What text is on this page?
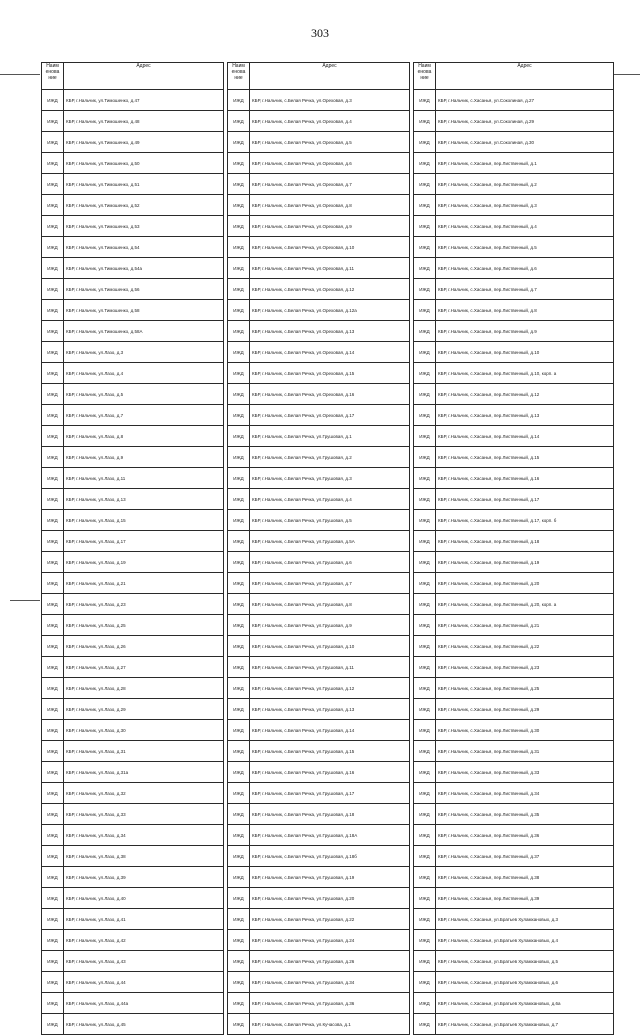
303
Наим енова ние	Адрес		Наим енова ние	Адрес		Наим енова ние	Адрес
ИЖД	КБР, г.Нальчик, ул.Тимошенко, д.47		ИЖД	КБР, г.Нальчик, с.Белая Речка, ул.Ореховая, д.3		ИЖД	КБР, г.Нальчик, с.Хасанья, ул.Соколиная, д.27
ИЖД	КБР, г.Нальчик, ул.Тимошенко, д.48		ИЖД	КБР, г.Нальчик, с.Белая Речка, ул.Ореховая, д.4		ИЖД	КБР, г.Нальчик, с.Хасанья, ул.Соколиная, д.29
ИЖД	КБР, г.Нальчик, ул.Тимошенко, д.49		ИЖД	КБР, г.Нальчик, с.Белая Речка, ул.Ореховая, д.5		ИЖД	КБР, г.Нальчик, с.Хасанья, ул.Соколиная, д.30
ИЖД	КБР, г.Нальчик, ул.Тимошенко, д.50		ИЖД	КБР, г.Нальчик, с.Белая Речка, ул.Ореховая, д.6		ИЖД	КБР, г.Нальчик, с.Хасанья, пер.Лиственный, д.1
ИЖД	КБР, г.Нальчик, ул.Тимошенко, д.51		ИЖД	КБР, г.Нальчик, с.Белая Речка, ул.Ореховая, д.7		ИЖД	КБР, г.Нальчик, с.Хасанья, пер.Лиственный, д.2
ИЖД	КБР, г.Нальчик, ул.Тимошенко, д.52		ИЖД	КБР, г.Нальчик, с.Белая Речка, ул.Ореховая, д.8		ИЖД	КБР, г.Нальчик, с.Хасанья, пер.Лиственный, д.3
ИЖД	КБР, г.Нальчик, ул.Тимошенко, д.53		ИЖД	КБР, г.Нальчик, с.Белая Речка, ул.Ореховая, д.9		ИЖД	КБР, г.Нальчик, с.Хасанья, пер.Лиственный, д.4
ИЖД	КБР, г.Нальчик, ул.Тимошенко, д.54		ИЖД	КБР, г.Нальчик, с.Белая Речка, ул.Ореховая, д.10		ИЖД	КБР, г.Нальчик, с.Хасанья, пер.Лиственный, д.5
ИЖД	КБР, г.Нальчик, ул.Тимошенко, д.54а		ИЖД	КБР, г.Нальчик, с.Белая Речка, ул.Ореховая, д.11		ИЖД	КБР, г.Нальчик, с.Хасанья, пер.Лиственный, д.6
ИЖД	КБР, г.Нальчик, ул.Тимошенко, д.56		ИЖД	КБР, г.Нальчик, с.Белая Речка, ул.Ореховая, д.12		ИЖД	КБР, г.Нальчик, с.Хасанья, пер.Лиственный, д.7
ИЖД	КБР, г.Нальчик, ул.Тимошенко, д.58		ИЖД	КБР, г.Нальчик, с.Белая Речка, ул.Ореховая, д.12а		ИЖД	КБР, г.Нальчик, с.Хасанья, пер.Лиственный, д.8
ИЖД	КБР, г.Нальчик, ул.Тимошенко, д.58А		ИЖД	КБР, г.Нальчик, с.Белая Речка, ул.Ореховая, д.13		ИЖД	КБР, г.Нальчик, с.Хасанья, пер.Лиственный, д.9
ИЖД	КБР, г.Нальчик, ул.Лазо, д.3		ИЖД	КБР, г.Нальчик, с.Белая Речка, ул.Ореховая, д.14		ИЖД	КБР, г.Нальчик, с.Хасанья, пер.Лиственный, д.10
ИЖД	КБР, г.Нальчик, ул.Лазо, д.4		ИЖД	КБР, г.Нальчик, с.Белая Речка, ул.Ореховая, д.15		ИЖД	КБР, г.Нальчик, с.Хасанья, пер.Лиственный, д.10, корп. а
ИЖД	КБР, г.Нальчик, ул.Лазо, д.5		ИЖД	КБР, г.Нальчик, с.Белая Речка, ул.Ореховая, д.16		ИЖД	КБР, г.Нальчик, с.Хасанья, пер.Лиственный, д.12
ИЖД	КБР, г.Нальчик, ул.Лазо, д.7		ИЖД	КБР, г.Нальчик, с.Белая Речка, ул.Ореховая, д.17		ИЖД	КБР, г.Нальчик, с.Хасанья, пер.Лиственный, д.13
ИЖД	КБР, г.Нальчик, ул.Лазо, д.8		ИЖД	КБР, г.Нальчик, с.Белая Речка, ул.Грушовая, д.1		ИЖД	КБР, г.Нальчик, с.Хасанья, пер.Лиственный, д.14
ИЖД	КБР, г.Нальчик, ул.Лазо, д.9		ИЖД	КБР, г.Нальчик, с.Белая Речка, ул.Грушовая, д.2		ИЖД	КБР, г.Нальчик, с.Хасанья, пер.Лиственный, д.15
ИЖД	КБР, г.Нальчик, ул.Лазо, д.11		ИЖД	КБР, г.Нальчик, с.Белая Речка, ул.Грушовая, д.3		ИЖД	КБР, г.Нальчик, с.Хасанья, пер.Лиственный, д.16
ИЖД	КБР, г.Нальчик, ул.Лазо, д.13		ИЖД	КБР, г.Нальчик, с.Белая Речка, ул.Грушовая, д.4		ИЖД	КБР, г.Нальчик, с.Хасанья, пер.Лиственный, д.17
ИЖД	КБР, г.Нальчик, ул.Лазо, д.15		ИЖД	КБР, г.Нальчик, с.Белая Речка, ул.Грушовая, д.5		ИЖД	КБР, г.Нальчик, с.Хасанья, пер.Лиственный, д.17, корп. б
ИЖД	КБР, г.Нальчик, ул.Лазо, д.17		ИЖД	КБР, г.Нальчик, с.Белая Речка, ул.Грушовая, д.5А		ИЖД	КБР, г.Нальчик, с.Хасанья, пер.Лиственный, д.18
ИЖД	КБР, г.Нальчик, ул.Лазо, д.19		ИЖД	КБР, г.Нальчик, с.Белая Речка, ул.Грушовая, д.6		ИЖД	КБР, г.Нальчик, с.Хасанья, пер.Лиственный, д.19
ИЖД	КБР, г.Нальчик, ул.Лазо, д.21		ИЖД	КБР, г.Нальчик, с.Белая Речка, ул.Грушовая, д.7		ИЖД	КБР, г.Нальчик, с.Хасанья, пер.Лиственный, д.20
ИЖД	КБР, г.Нальчик, ул.Лазо, д.23		ИЖД	КБР, г.Нальчик, с.Белая Речка, ул.Грушовая, д.8		ИЖД	КБР, г.Нальчик, с.Хасанья, пер.Лиственный, д.20, корп. а
ИЖД	КБР, г.Нальчик, ул.Лазо, д.25		ИЖД	КБР, г.Нальчик, с.Белая Речка, ул.Грушовая, д.9		ИЖД	КБР, г.Нальчик, с.Хасанья, пер.Лиственный, д.21
ИЖД	КБР, г.Нальчик, ул.Лазо, д.26		ИЖД	КБР, г.Нальчик, с.Белая Речка, ул.Грушовая, д.10		ИЖД	КБР, г.Нальчик, с.Хасанья, пер.Лиственный, д.22
ИЖД	КБР, г.Нальчик, ул.Лазо, д.27		ИЖД	КБР, г.Нальчик, с.Белая Речка, ул.Грушовая, д.11		ИЖД	КБР, г.Нальчик, с.Хасанья, пер.Лиственный, д.23
ИЖД	КБР, г.Нальчик, ул.Лазо, д.28		ИЖД	КБР, г.Нальчик, с.Белая Речка, ул.Грушовая, д.12		ИЖД	КБР, г.Нальчик, с.Хасанья, пер.Лиственный, д.25
ИЖД	КБР, г.Нальчик, ул.Лазо, д.29		ИЖД	КБР, г.Нальчик, с.Белая Речка, ул.Грушовая, д.13		ИЖД	КБР, г.Нальчик, с.Хасанья, пер.Лиственный, д.29
ИЖД	КБР, г.Нальчик, ул.Лазо, д.30		ИЖД	КБР, г.Нальчик, с.Белая Речка, ул.Грушовая, д.14		ИЖД	КБР, г.Нальчик, с.Хасанья, пер.Лиственный, д.30
ИЖД	КБР, г.Нальчик, ул.Лазо, д.31		ИЖД	КБР, г.Нальчик, с.Белая Речка, ул.Грушовая, д.15		ИЖД	КБР, г.Нальчик, с.Хасанья, пер.Лиственный, д.31
ИЖД	КБР, г.Нальчик, ул.Лазо, д.31а		ИЖД	КБР, г.Нальчик, с.Белая Речка, ул.Грушовая, д.16		ИЖД	КБР, г.Нальчик, с.Хасанья, пер.Лиственный, д.33
ИЖД	КБР, г.Нальчик, ул.Лазо, д.32		ИЖД	КБР, г.Нальчик, с.Белая Речка, ул.Грушовая, д.17		ИЖД	КБР, г.Нальчик, с.Хасанья, пер.Лиственный, д.34
ИЖД	КБР, г.Нальчик, ул.Лазо, д.33		ИЖД	КБР, г.Нальчик, с.Белая Речка, ул.Грушовая, д.18		ИЖД	КБР, г.Нальчик, с.Хасанья, пер.Лиственный, д.35
ИЖД	КБР, г.Нальчик, ул.Лазо, д.34		ИЖД	КБР, г.Нальчик, с.Белая Речка, ул.Грушовая, д.18А		ИЖД	КБР, г.Нальчик, с.Хасанья, пер.Лиственный, д.36
ИЖД	КБР, г.Нальчик, ул.Лазо, д.38		ИЖД	КБР, г.Нальчик, с.Белая Речка, ул.Грушовая, д.18б		ИЖД	КБР, г.Нальчик, с.Хасанья, пер.Лиственный, д.37
ИЖД	КБР, г.Нальчик, ул.Лазо, д.39		ИЖД	КБР, г.Нальчик, с.Белая Речка, ул.Грушовая, д.19		ИЖД	КБР, г.Нальчик, с.Хасанья, пер.Лиственный, д.38
ИЖД	КБР, г.Нальчик, ул.Лазо, д.40		ИЖД	КБР, г.Нальчик, с.Белая Речка, ул.Грушовая, д.20		ИЖД	КБР, г.Нальчик, с.Хасанья, пер.Лиственный, д.39
ИЖД	КБР, г.Нальчик, ул.Лазо, д.41		ИЖД	КБР, г.Нальчик, с.Белая Речка, ул.Грушовая, д.22		ИЖД	КБР, г.Нальчик, с.Хасанья, ул.Братьев Хуламхановых, д.3
ИЖД	КБР, г.Нальчик, ул.Лазо, д.42		ИЖД	КБР, г.Нальчик, с.Белая Речка, ул.Грушовая, д.24		ИЖД	КБР, г.Нальчик, с.Хасанья, ул.Братьев Хуламхановых, д.4
ИЖД	КБР, г.Нальчик, ул.Лазо, д.43		ИЖД	КБР, г.Нальчик, с.Белая Речка, ул.Грушовая, д.26		ИЖД	КБР, г.Нальчик, с.Хасанья, ул.Братьев Хуламхановых, д.5
ИЖД	КБР, г.Нальчик, ул.Лазо, д.44		ИЖД	КБР, г.Нальчик, с.Белая Речка, ул.Грушовая, д.34		ИЖД	КБР, г.Нальчик, с.Хасанья, ул.Братьев Хуламхановых, д.6
ИЖД	КБР, г.Нальчик, ул.Лазо, д.44а		ИЖД	КБР, г.Нальчик, с.Белая Речка, ул.Грушовая, д.36		ИЖД	КБР, г.Нальчик, с.Хасанья, ул.Братьев Хуламхановых, д.6а
ИЖД	КБР, г.Нальчик, ул.Лазо, д.45		ИЖД	КБР, г.Нальчик, с.Белая Речка, ул.Кучасова, д.1		ИЖД	КБР, г.Нальчик, с.Хасанья, ул.Братьев Хуламхановых, д.7
